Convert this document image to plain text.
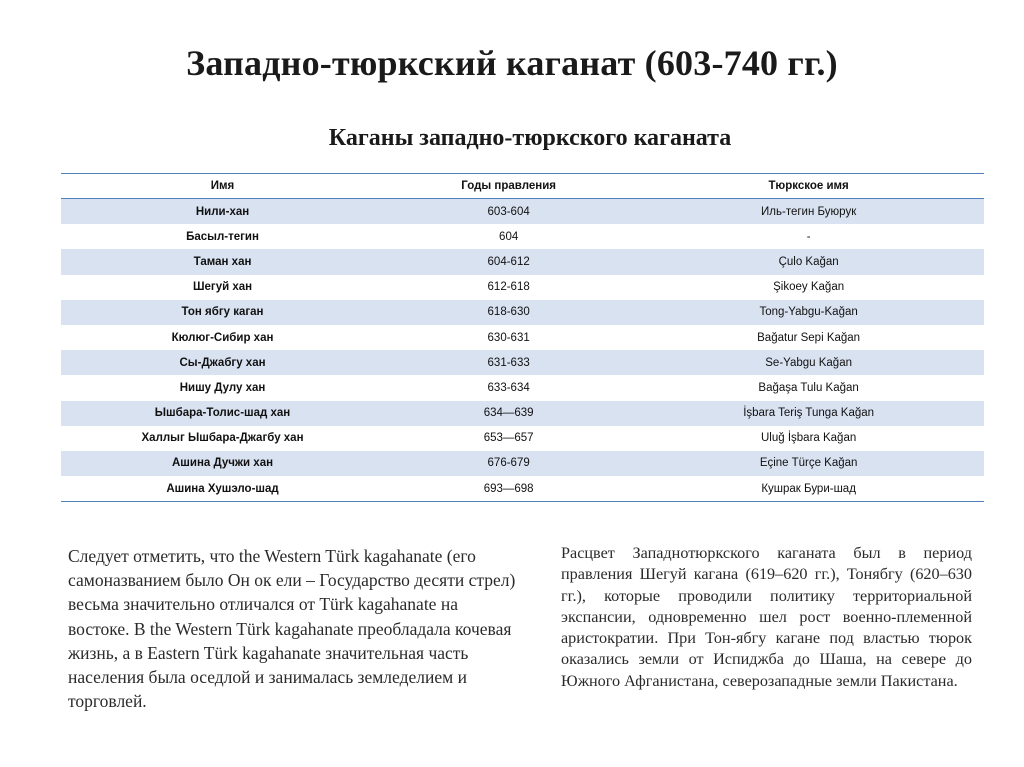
Западно-тюркский каганат (603-740 гг.)
Каганы западно-тюркского каганата
Имя	Годы правления	Тюркское имя
Нили-хан	603-604	Иль-тегин Буюрук
Басыл-тегин	604	-
Таман хан	604-612	Çulo Kağan
Шегуй хан	612-618	Şikoey Kağan
Тон ябгу каган	618-630	Tong-Yabgu-Kağan
Кюлюг-Сибир хан	630-631	Bağatur Sepi Kağan
Сы-Джабгу хан	631-633	Se-Yabgu Kağan
Нишу Дулу хан	633-634	Bağaşa Tulu Kağan
Ышбара-Толис-шад хан	634—639	İşbara Teriş Tunga Kağan
Халлыг Ышбара-Джагбу хан	653—657	Uluğ İşbara Kağan
Ашина Дучжи хан	676-679	Eçine Türçe Kağan
Ашина Хушэло-шад	693—698	Кушрак Бури-шад

Следует отметить, что the Western Türk kagahanate (его самоназванием было Он ок ели – Государство десяти стрел) весьма значительно отличался от Türk kagahanate на востоке. В the Western Türk kagahanate преобладала кочевая жизнь, а в Eastern Türk kagahanate значительная часть населения была оседлой и занималась земледелием и торговлей.

Расцвет Западнотюркского каганата был в период правления Шегуй кагана (619–620 гг.), Тонябгу (620–630 гг.), которые проводили политику территориальной экспансии, одновременно шел рост военно-племенной аристократии. При Тон-ябгу кагане под властью тюрок оказались земли от Испиджба до Шаша, на севере до Южного Афганистана, северозападные земли Пакистана.
